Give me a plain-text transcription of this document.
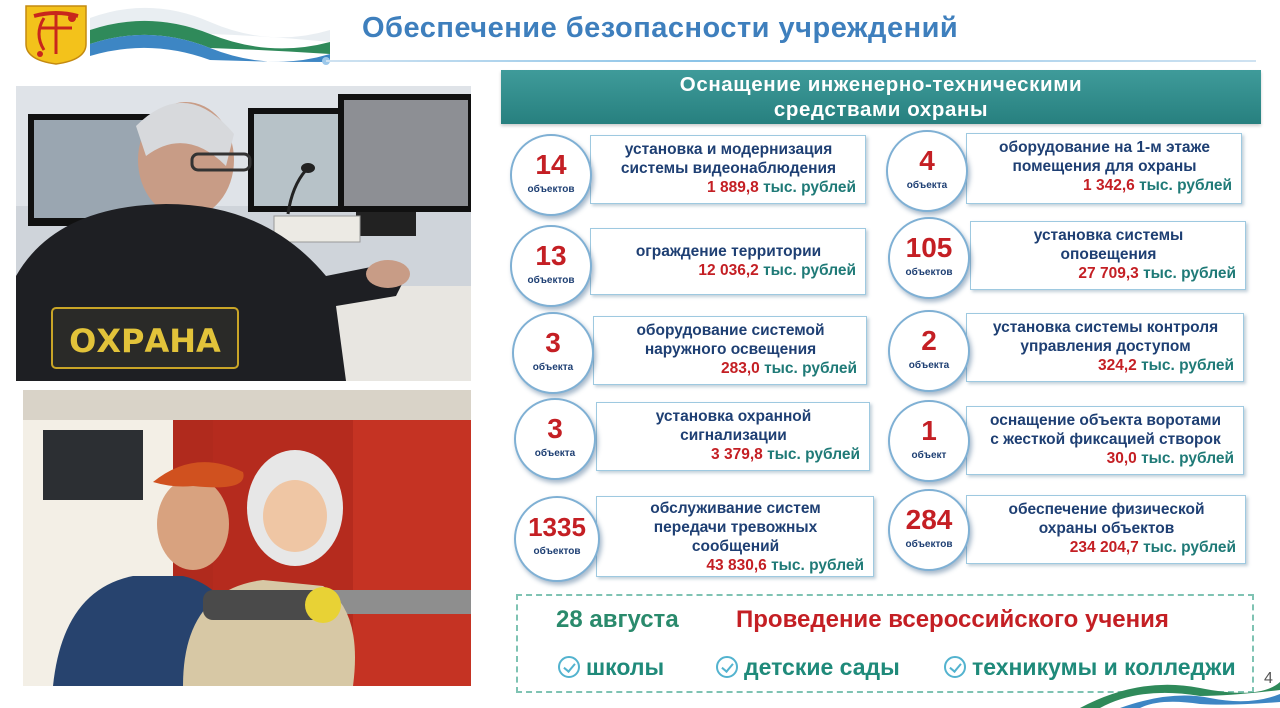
Обеспечение безопасности учреждений
ОХРАНА
Оснащение инженерно-техническими
средствами охраны
установка и модернизация
системы видеонаблюдения
1 889,8 тыс. рублей
14
объектов
ограждение территории
12 036,2 тыс. рублей
13
объектов
оборудование системой
наружного освещения
283,0 тыс. рублей
3
объекта
установка охранной
сигнализации
3 379,8 тыс. рублей
3
объекта
обслуживание систем
передачи тревожных
сообщений
43 830,6 тыс. рублей
1335
объектов
оборудование на 1-м этаже
помещения для охраны
1 342,6 тыс. рублей
4
объекта
установка системы
оповещения
27 709,3 тыс. рублей
105
объектов
установка системы контроля
управления доступом
324,2 тыс. рублей
2
объекта
оснащение объекта воротами
с жесткой фиксацией створок
30,0 тыс. рублей
1
объект
обеспечение физической
охраны объектов
234 204,7 тыс. рублей
284
объектов
28 августа Проведение всероссийского учения
школы	детские сады	техникумы и колледжи 4
